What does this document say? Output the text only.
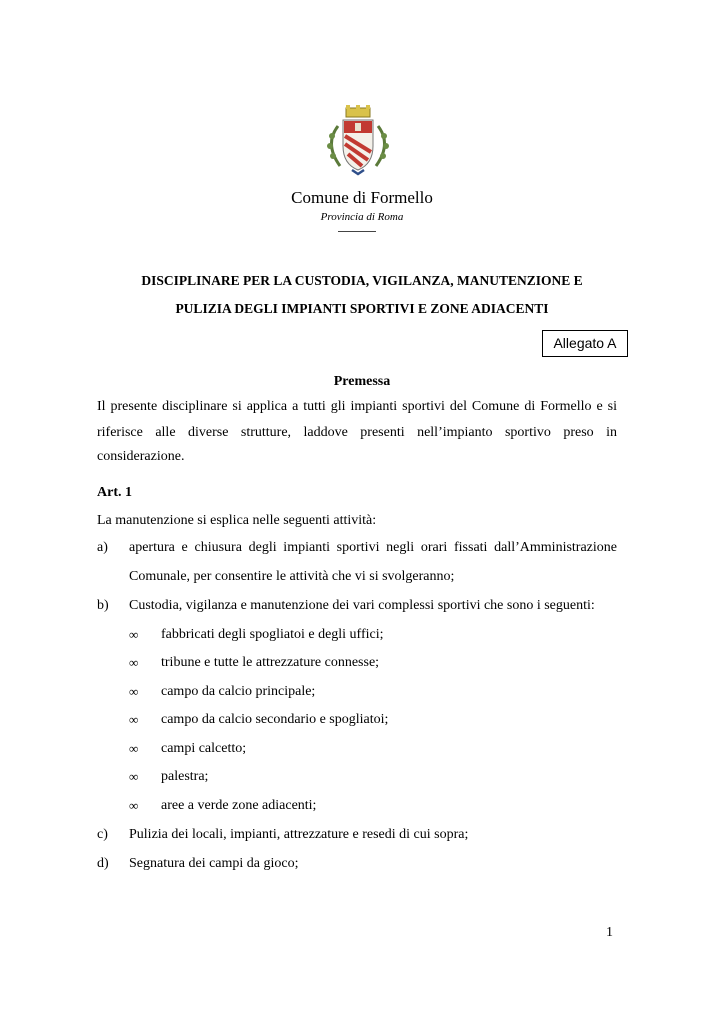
Comune di Formello
Provincia di Roma
DISCIPLINARE PER LA CUSTODIA, VIGILANZA, MANUTENZIONE E
PULIZIA DEGLI IMPIANTI SPORTIVI E ZONE ADIACENTI
Allegato A
Premessa
Il presente disciplinare si applica a tutti gli impianti sportivi del Comune di Formello e si
riferisce alle diverse strutture, laddove presenti nell’impianto sportivo preso in
considerazione.
Art. 1
La manutenzione si esplica nelle seguenti attività:
a) apertura e chiusura degli impianti sportivi negli orari fissati dall’Amministrazione
Comunale, per consentire le attività che vi si svolgeranno;
b) Custodia, vigilanza e manutenzione dei vari complessi sportivi che sono i seguenti:
∞ fabbricati degli spogliatoi e degli uffici;
∞ tribune e tutte le attrezzature connesse;
∞ campo da calcio principale;
∞ campo da calcio secondario e spogliatoi;
∞ campi calcetto;
∞ palestra;
∞ aree a verde zone adiacenti;
c) Pulizia dei locali, impianti, attrezzature e resedi di cui sopra;
d) Segnatura dei campi da gioco;
1
